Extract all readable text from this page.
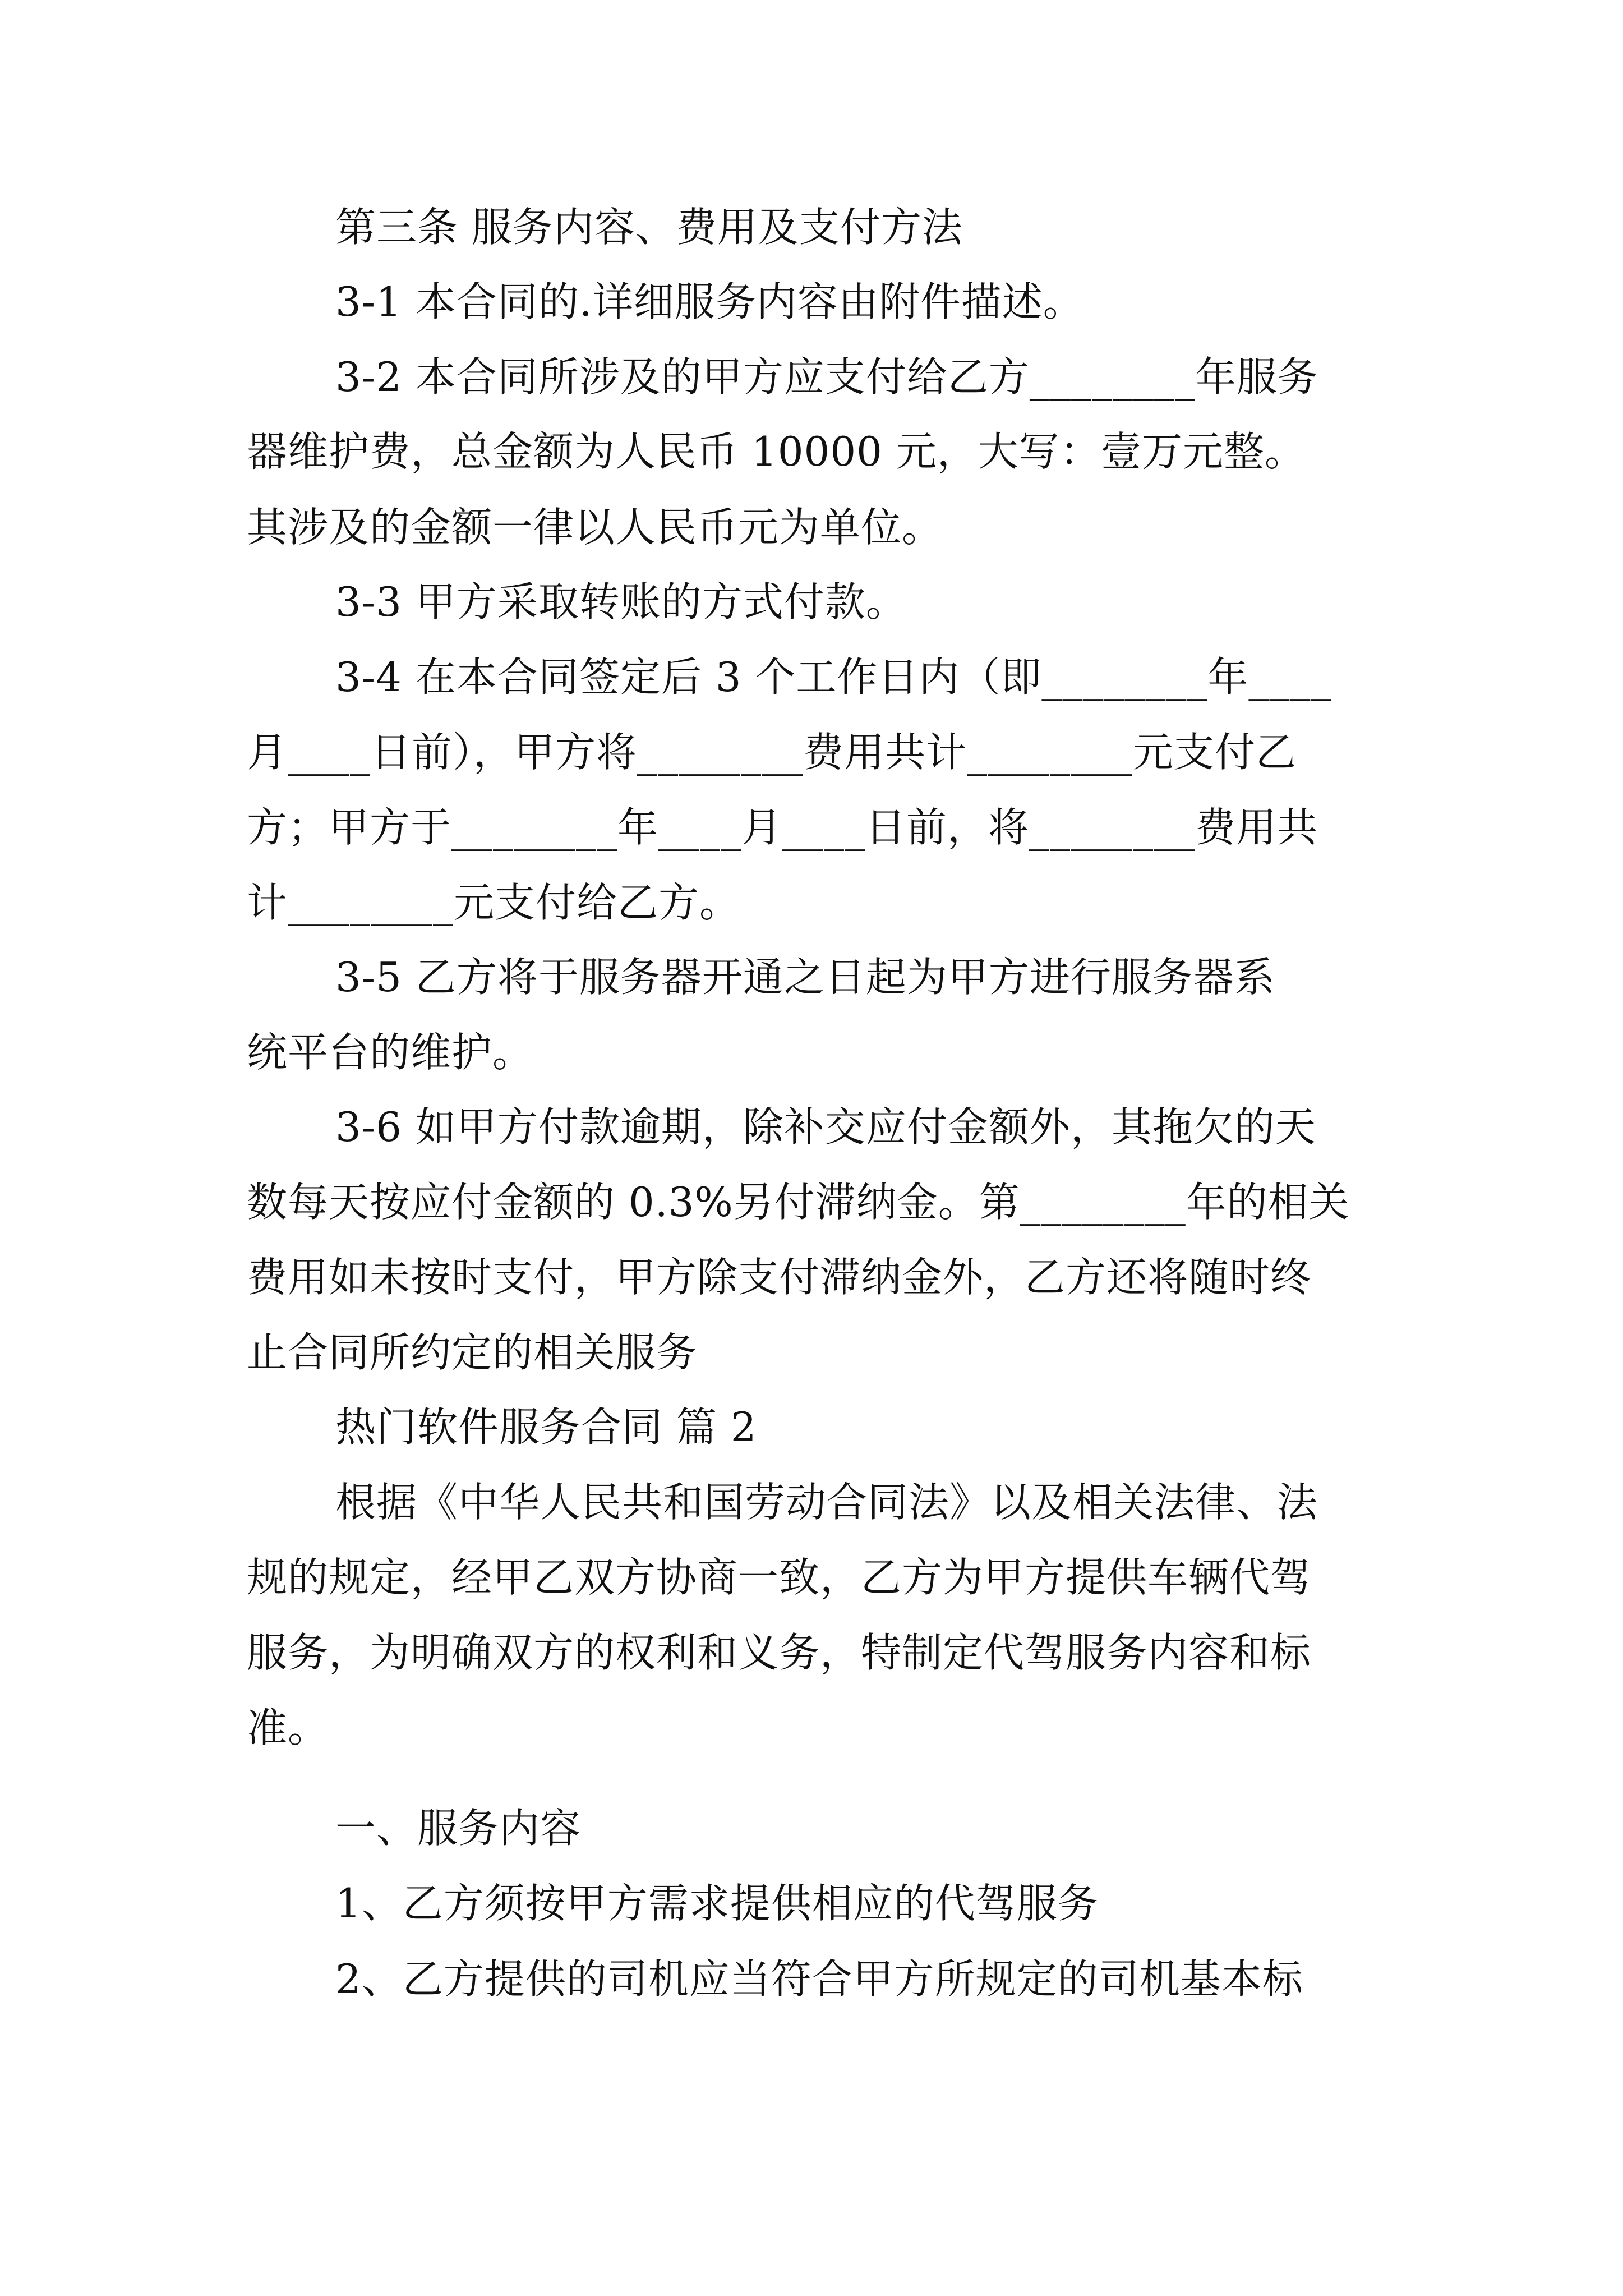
第三条 服务内容、费用及支付方法
3-1 本合同的.详细服务内容由附件描述。
3-2 本合同所涉及的甲方应支付给乙方________年服务
器维护费，总金额为人民币 10000 元，大写：壹万元整。
其涉及的金额一律以人民币元为单位。
3-3 甲方采取转账的方式付款。
3-4 在本合同签定后 3 个工作日内（即________年____
月____日前），甲方将________费用共计________元支付乙
方；甲方于________年____月____日前，将________费用共
计________元支付给乙方。
3-5 乙方将于服务器开通之日起为甲方进行服务器系
统平台的维护。
3-6 如甲方付款逾期，除补交应付金额外，其拖欠的天
数每天按应付金额的 0.3%另付滞纳金。第________年的相关
费用如未按时支付，甲方除支付滞纳金外，乙方还将随时终
止合同所约定的相关服务
热门软件服务合同 篇 2
根据《中华人民共和国劳动合同法》以及相关法律、法
规的规定，经甲乙双方协商一致，乙方为甲方提供车辆代驾
服务，为明确双方的权利和义务，特制定代驾服务内容和标
准。
一、服务内容
1、乙方须按甲方需求提供相应的代驾服务
2、乙方提供的司机应当符合甲方所规定的司机基本标
